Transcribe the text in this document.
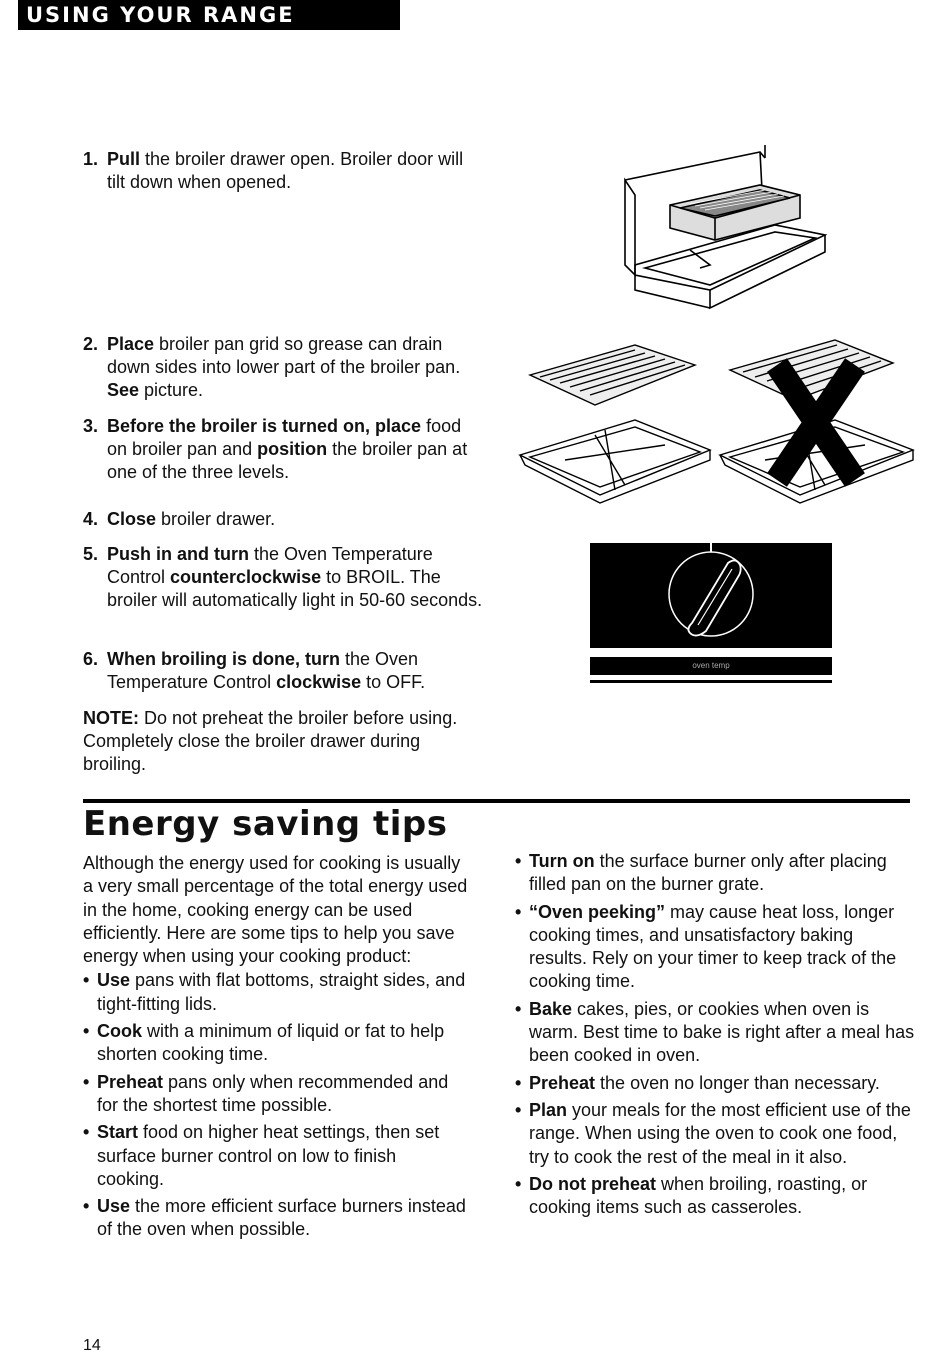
USING YOUR RANGE
1. Pull the broiler drawer open. Broiler door will tilt down when opened.
2. Place broiler pan grid so grease can drain down sides into lower part of the broiler pan. See picture.
3. Before the broiler is turned on, place food on broiler pan and position the broiler pan at one of the three levels.
4. Close broiler drawer.
5. Push in and turn the Oven Temperature Control counterclockwise to BROIL. The broiler will automatically light in 50-60 seconds.
6. When broiling is done, turn the Oven Temperature Control clockwise to OFF.
NOTE: Do not preheat the broiler before using. Completely close the broiler drawer during broiling.
oven temp
Energy saving tips
Although the energy used for cooking is usually a very small percentage of the total energy used in the home, cooking energy can be used efficiently. Here are some tips to help you save energy when using your cooking product:
• Use pans with flat bottoms, straight sides, and tight-fitting lids.
• Cook with a minimum of liquid or fat to help shorten cooking time.
• Preheat pans only when recommended and for the shortest time possible.
• Start food on higher heat settings, then set surface burner control on low to finish cooking.
• Use the more efficient surface burners instead of the oven when possible.
• Turn on the surface burner only after placing filled pan on the burner grate.
• “Oven peeking” may cause heat loss, longer cooking times, and unsatisfactory baking results. Rely on your timer to keep track of the cooking time.
• Bake cakes, pies, or cookies when oven is warm. Best time to bake is right after a meal has been cooked in oven.
• Preheat the oven no longer than necessary.
• Plan your meals for the most efficient use of the range. When using the oven to cook one food, try to cook the rest of the meal in it also.
• Do not preheat when broiling, roasting, or cooking items such as casseroles.
14
